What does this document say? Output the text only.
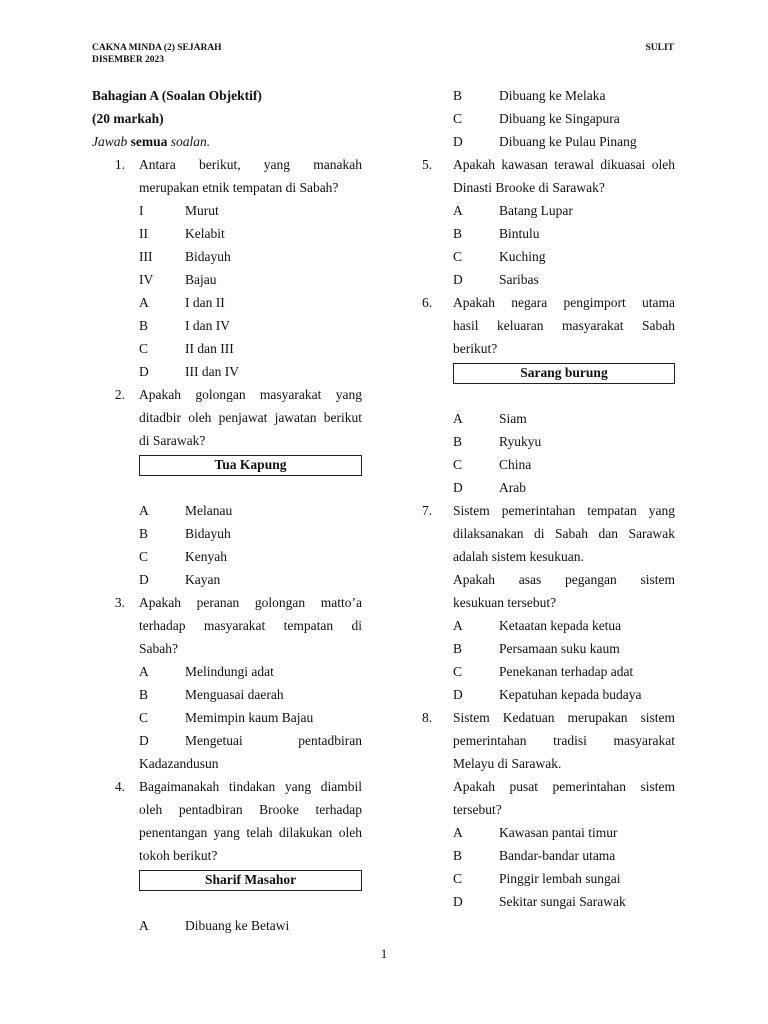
CAKNA MINDA (2) SEJARAH
DISEMBER 2023
SULIT
Bahagian A (Soalan Objektif)
(20 markah)
Jawab semua soalan.
1.	Antara berikut, yang manakah
merupakan etnik tempatan di Sabah?
I	Murut
II	Kelabit
III	Bidayuh
IV	Bajau
A	I dan II
B	I dan IV
C	II dan III
D	III dan IV
2.	Apakah golongan masyarakat yang
ditadbir oleh penjawat jawatan berikut
di Sarawak?
Tua Kapung
A	Melanau
B	Bidayuh
C	Kenyah
D	Kayan
3.	Apakah peranan golongan matto’a
terhadap masyarakat tempatan di
Sabah?
A	Melindungi adat
B	Menguasai daerah
C	Memimpin kaum Bajau
D	Mengetuai pentadbiran
Kadazandusun
4.	Bagaimanakah tindakan yang diambil
oleh pentadbiran Brooke terhadap
penentangan yang telah dilakukan oleh
tokoh berikut?
Sharif Masahor
A	Dibuang ke Betawi
B	Dibuang ke Melaka
C	Dibuang ke Singapura
D	Dibuang ke Pulau Pinang
5.	Apakah kawasan terawal dikuasai oleh
Dinasti Brooke di Sarawak?
A	Batang Lupar
B	Bintulu
C	Kuching
D	Saribas
6.	Apakah negara pengimport utama
hasil keluaran masyarakat Sabah
berikut?
Sarang burung
A	Siam
B	Ryukyu
C	China
D	Arab
7.	Sistem pemerintahan tempatan yang
dilaksanakan di Sabah dan Sarawak
adalah sistem kesukuan.
Apakah asas pegangan sistem
kesukuan tersebut?
A	Ketaatan kepada ketua
B	Persamaan suku kaum
C	Penekanan terhadap adat
D	Kepatuhan kepada budaya
8.	Sistem Kedatuan merupakan sistem
pemerintahan tradisi masyarakat
Melayu di Sarawak.
Apakah pusat pemerintahan sistem
tersebut?
A	Kawasan pantai timur
B	Bandar-bandar utama
C	Pinggir lembah sungai
D	Sekitar sungai Sarawak
1
